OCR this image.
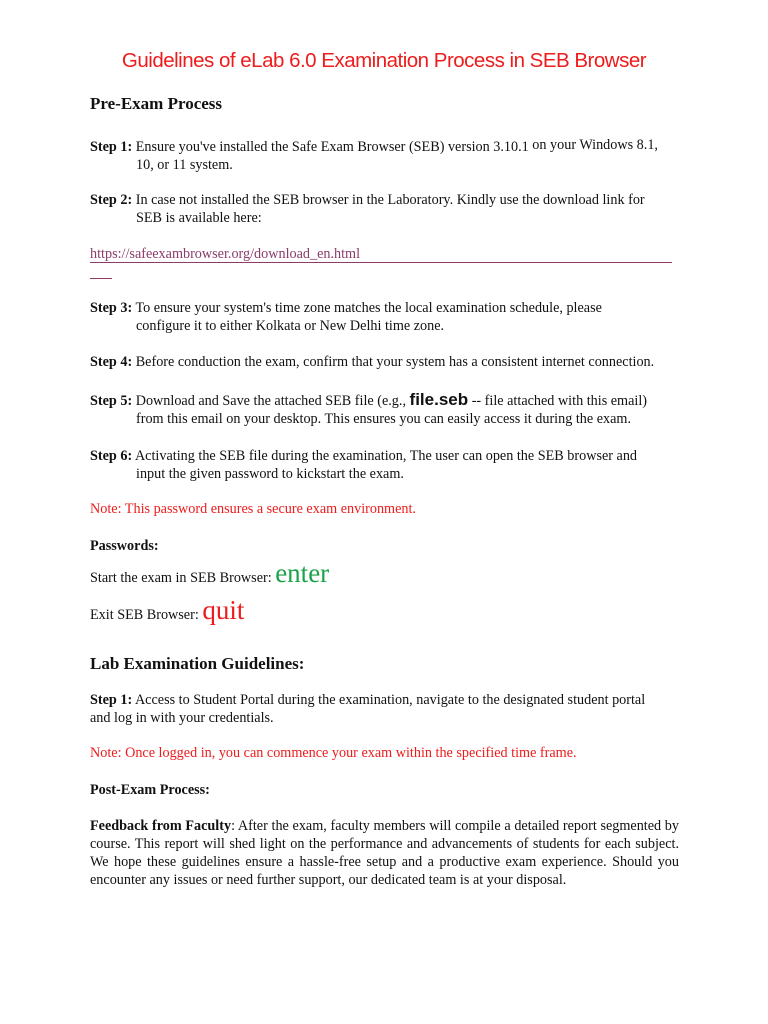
Guidelines of eLab 6.0 Examination Process in SEB Browser
Pre-Exam Process
Step 1: Ensure you've installed the Safe Exam Browser (SEB) version 3.10.1 on your Windows 8.1,
10, or 11 system.
Step 2: In case not installed the SEB browser in the Laboratory. Kindly use the download link for
SEB is available here:
https://safeexambrowser.org/download_en.html
Step 3: To ensure your system's time zone matches the local examination schedule, please
configure it to either Kolkata or New Delhi time zone.
Step 4: Before conduction the exam, confirm that your system has a consistent internet connection.
Step 5: Download and Save the attached SEB file (e.g., file.seb -- file attached with this email)
from this email on your desktop. This ensures you can easily access it during the exam.
Step 6: Activating the SEB file during the examination, The user can open the SEB browser and
input the given password to kickstart the exam.
Note: This password ensures a secure exam environment.
Passwords:
Start the exam in SEB Browser: enter
Exit SEB Browser: quit
Lab Examination Guidelines:
Step 1: Access to Student Portal during the examination, navigate to the designated student portal
and log in with your credentials.
Note: Once logged in, you can commence your exam within the specified time frame.
Post-Exam Process:
Feedback from Faculty: After the exam, faculty members will compile a detailed report segmented by course. This report will shed light on the performance and advancements of students for each subject. We hope these guidelines ensure a hassle-free setup and a productive exam experience. Should you encounter any issues or need further support, our dedicated team is at your disposal.
